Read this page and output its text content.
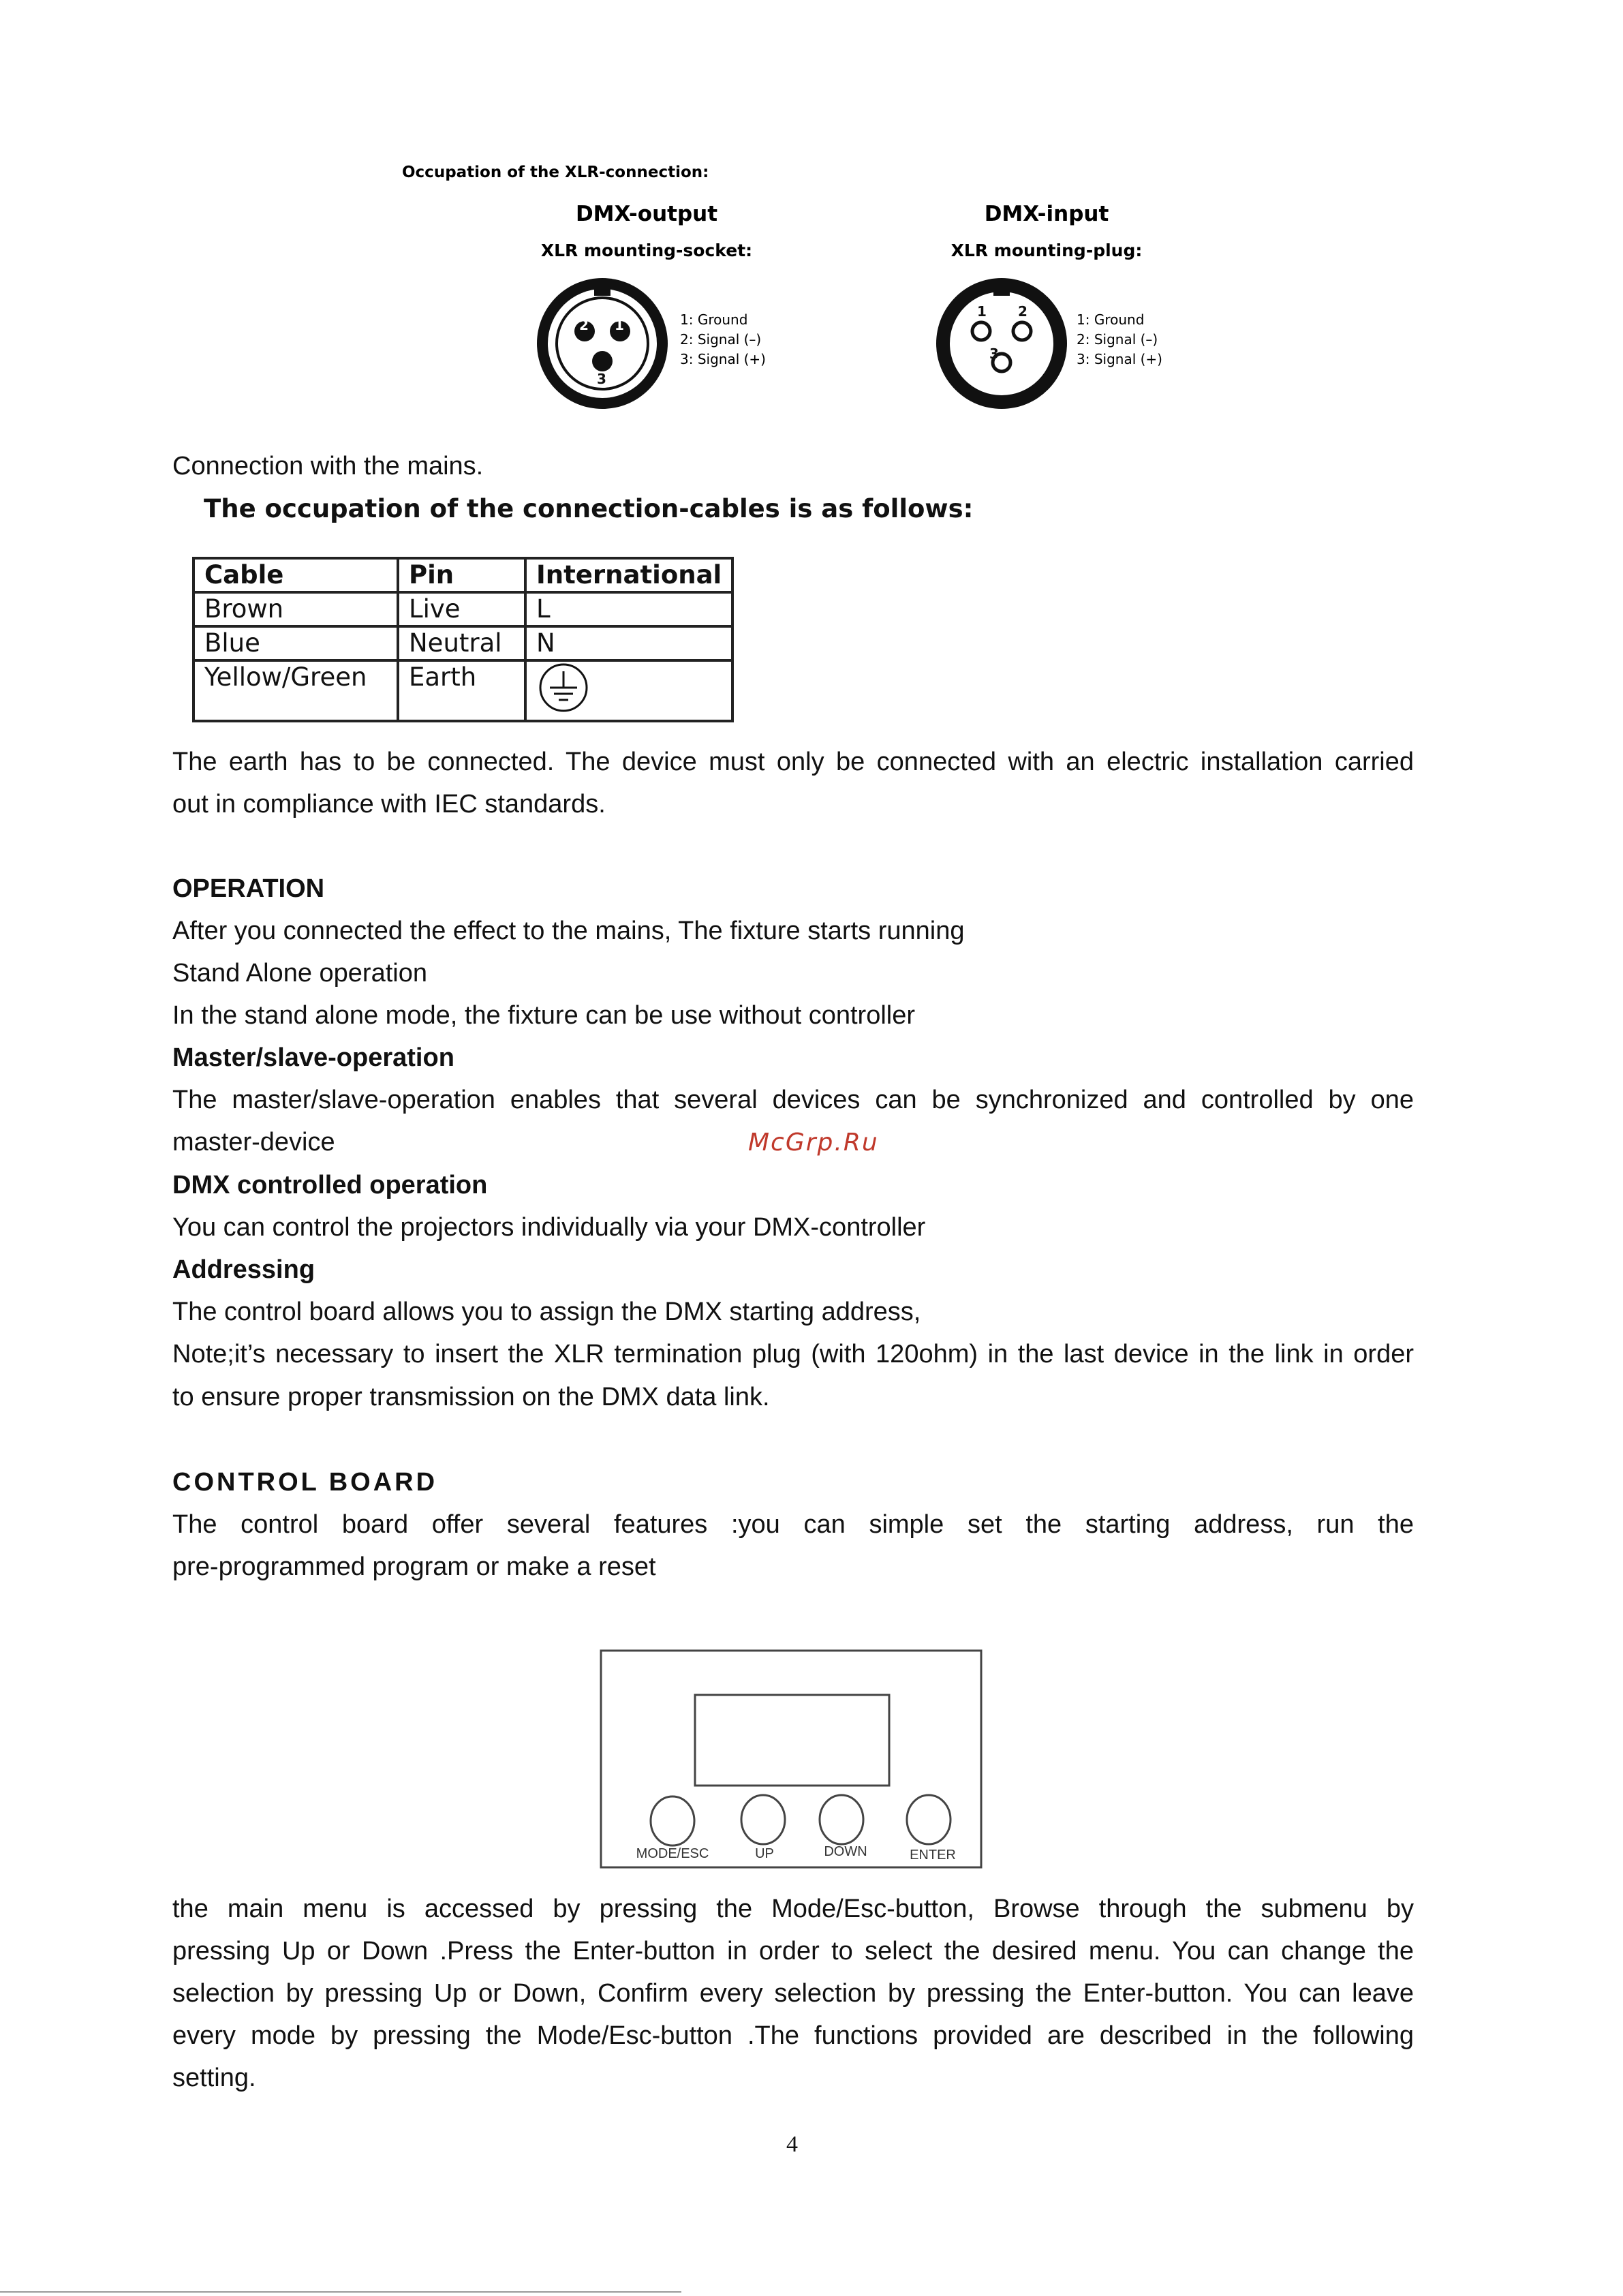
Occupation of the XLR-connection:
DMX-output
XLR mounting-socket:
DMX-input
XLR mounting-plug:
2 1
3
1: Ground
2: Signal (–)
3: Signal (+)
1 2
3
1: Ground
2: Signal (–)
3: Signal (+)
Connection with the mains.
The occupation of the connection-cables is as follows:
Cable	Pin	International
Brown	Live	L
Blue	Neutral	N
Yellow/Green	Earth	
The earth has to be connected. The device must only be connected with an electric installation carried
out in compliance with IEC standards.
OPERATION
After you connected the effect to the mains, The fixture starts running
Stand Alone operation
In the stand alone mode, the fixture can be use without controller
Master/slave-operation
The master/slave-operation enables that several devices can be synchronized and controlled by one
master-device	McGrp.Ru
DMX controlled operation
You can control the projectors individually via your DMX-controller
Addressing
The control board allows you to assign the DMX starting address,
Note;it’s necessary to insert the XLR termination plug (with 120ohm) in the last device in the link in order
to ensure proper transmission on the DMX data link.
CONTROL BOARD
The control board offer several features :you can simple set the starting address, run the
pre-programmed program or make a reset
MODE/ESC	UP	DOWN	ENTER
the main menu is accessed by pressing the Mode/Esc-button, Browse through the submenu by
pressing Up or Down .Press the Enter-button in order to select the desired menu. You can change the
selection by pressing Up or Down, Confirm every selection by pressing the Enter-button. You can leave
every mode by pressing the Mode/Esc-button .The functions provided are described in the following
setting.
4
